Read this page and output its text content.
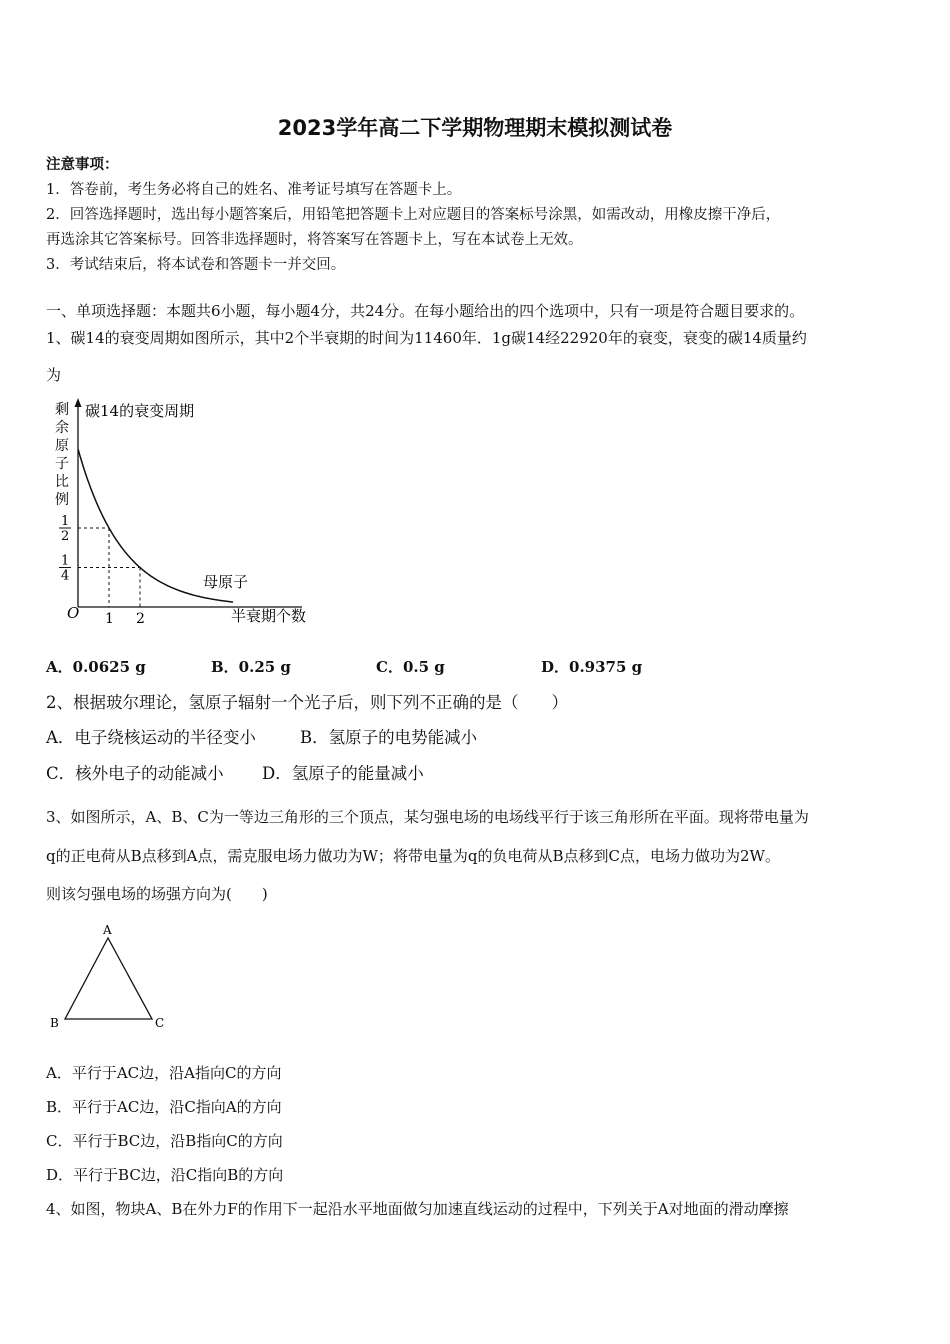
2023学年高二下学期物理期末模拟测试卷
注意事项：
1．答卷前，考生务必将自己的姓名、准考证号填写在答题卡上。
2．回答选择题时，选出每小题答案后，用铅笔把答题卡上对应题目的答案标号涂黑，如需改动，用橡皮擦干净后，
再选涂其它答案标号。回答非选择题时，将答案写在答题卡上，写在本试卷上无效。
3．考试结束后，将本试卷和答题卡一并交回。
一、单项选择题：本题共6小题，每小题4分，共24分。在每小题给出的四个选项中，只有一项是符合题目要求的。
1、碳14的衰变周期如图所示，其中2个半衰期的时间为11460年．1g碳14经22920年的衰变，衰变的碳14质量约
为
碳14的衰变周期
剩
余
原
子
比
例
1
2
1
4
1 2
O
母原子
半衰期个数
A．0.0625 g	B．0.25 g	C．0.5 g	D．0.9375 g
2、根据玻尔理论，氢原子辐射一个光子后，则下列不正确的是（　　）
A．电子绕核运动的半径变小	B．氢原子的电势能减小
C．核外电子的动能减小 D．氢原子的能量减小
3、如图所示，A、B、C为一等边三角形的三个顶点，某匀强电场的电场线平行于该三角形所在平面。现将带电量为
q的正电荷从B点移到A点，需克服电场力做功为W；将带电量为q的负电荷从B点移到C点，电场力做功为2W。
则该匀强电场的场强方向为(　　)
A
B	C
A．平行于AC边，沿A指向C的方向
B．平行于AC边，沿C指向A的方向
C．平行于BC边，沿B指向C的方向
D．平行于BC边，沿C指向B的方向
4、如图，物块A、B在外力F的作用下一起沿水平地面做匀加速直线运动的过程中，下列关于A对地面的滑动摩擦
